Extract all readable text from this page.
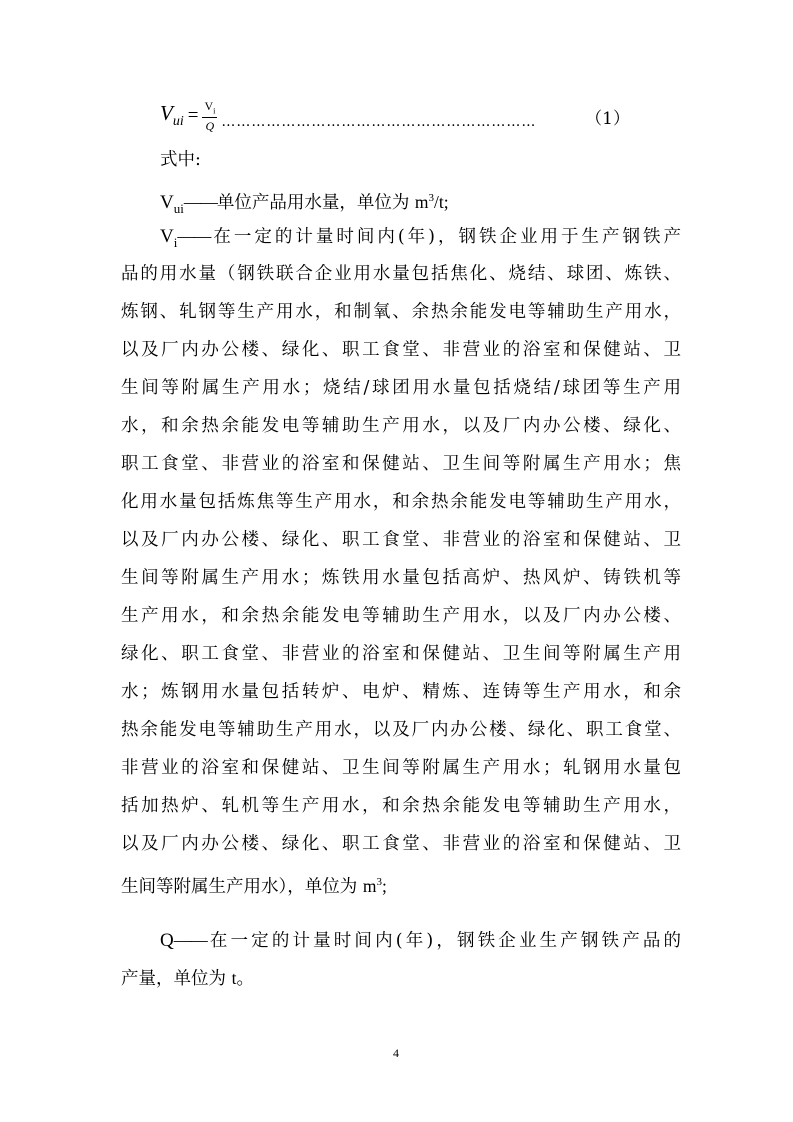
$V_{ui} = \frac{V_i}{Q}$ ………………………………………………………	（1）
式中:
$V_{ui}——$单位产品用水量，单位为 $m^3/t$;
$V_i——$在一定的计量时间内(年)，钢铁企业用于生产钢铁产
品的用水量（钢铁联合企业用水量包括焦化、烧结、球团、炼铁、
炼钢、轧钢等生产用水，和制氧、余热余能发电等辅助生产用水，
以及厂内办公楼、绿化、职工食堂、非营业的浴室和保健站、卫
生间等附属生产用水；烧结/球团用水量包括烧结/球团等生产用
水，和余热余能发电等辅助生产用水，以及厂内办公楼、绿化、
职工食堂、非营业的浴室和保健站、卫生间等附属生产用水；焦
化用水量包括炼焦等生产用水，和余热余能发电等辅助生产用水，
以及厂内办公楼、绿化、职工食堂、非营业的浴室和保健站、卫
生间等附属生产用水；炼铁用水量包括高炉、热风炉、铸铁机等
生产用水，和余热余能发电等辅助生产用水，以及厂内办公楼、
绿化、职工食堂、非营业的浴室和保健站、卫生间等附属生产用
水；炼钢用水量包括转炉、电炉、精炼、连铸等生产用水，和余
热余能发电等辅助生产用水，以及厂内办公楼、绿化、职工食堂、
非营业的浴室和保健站、卫生间等附属生产用水；轧钢用水量包
括加热炉、轧机等生产用水，和余热余能发电等辅助生产用水，
以及厂内办公楼、绿化、职工食堂、非营业的浴室和保健站、卫
生间等附属生产用水），单位为 $m^3$;
Q——在一定的计量时间内(年)，钢铁企业生产钢铁产品的
产量，单位为 t。
4
